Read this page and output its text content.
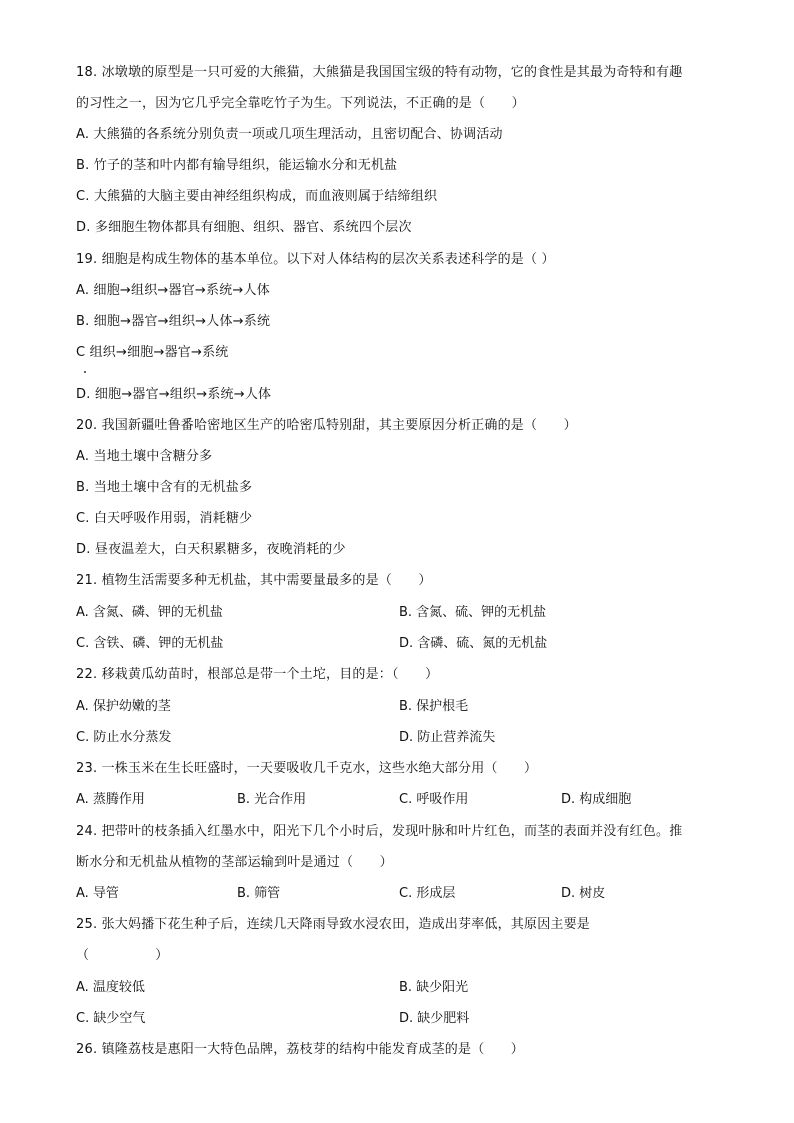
18. 冰墩墩的原型是一只可爱的大熊猫，大熊猫是我国国宝级的特有动物，它的食性是其最为奇特和有趣
的习性之一，因为它几乎完全靠吃竹子为生。下列说法，不正确的是（　　）
A. 大熊猫的各系统分别负责一项或几项生理活动，且密切配合、协调活动
B. 竹子的茎和叶内都有输导组织，能运输水分和无机盐
C. 大熊猫的大脑主要由神经组织构成，而血液则属于结缔组织
D. 多细胞生物体都具有细胞、组织、器官、系统四个层次
19. 细胞是构成生物体的基本单位。以下对人体结构的层次关系表述科学的是（ ）
A. 细胞→组织→器官→系统→人体
B. 细胞→器官→组织→人体→系统
C 组织→细胞→器官→系统
D. 细胞→器官→组织→系统→人体
20. 我国新疆吐鲁番哈密地区生产的哈密瓜特别甜，其主要原因分析正确的是（　　）
A. 当地土壤中含糖分多
B. 当地土壤中含有的无机盐多
C. 白天呼吸作用弱，消耗糖少
D. 昼夜温差大，白天积累糖多，夜晚消耗的少
21. 植物生活需要多种无机盐，其中需要量最多的是（　　）
A. 含氮、磷、钾的无机盐	B. 含氮、硫、钾的无机盐
C. 含铁、磷、钾的无机盐	D. 含磷、硫、氮的无机盐
22. 移栽黄瓜幼苗时，根部总是带一个土坨，目的是：（　　）
A. 保护幼嫩的茎	B. 保护根毛
C. 防止水分蒸发	D. 防止营养流失
23. 一株玉米在生长旺盛时，一天要吸收几千克水，这些水绝大部分用（　　）
A. 蒸腾作用	B. 光合作用	C. 呼吸作用	D. 构成细胞
24. 把带叶的枝条插入红墨水中，阳光下几个小时后，发现叶脉和叶片红色，而茎的表面并没有红色。推
断水分和无机盐从植物的茎部运输到叶是通过（　　）
A. 导管	B. 筛管	C. 形成层	D. 树皮
25. 张大妈播下花生种子后，连续几天降雨导致水浸农田，造成出芽率低，其原因主要是
（　　　　　）
A. 温度较低	B. 缺少阳光
C. 缺少空气	D. 缺少肥料
26. 镇隆荔枝是惠阳一大特色品牌，荔枝芽的结构中能发育成茎的是（　　）
